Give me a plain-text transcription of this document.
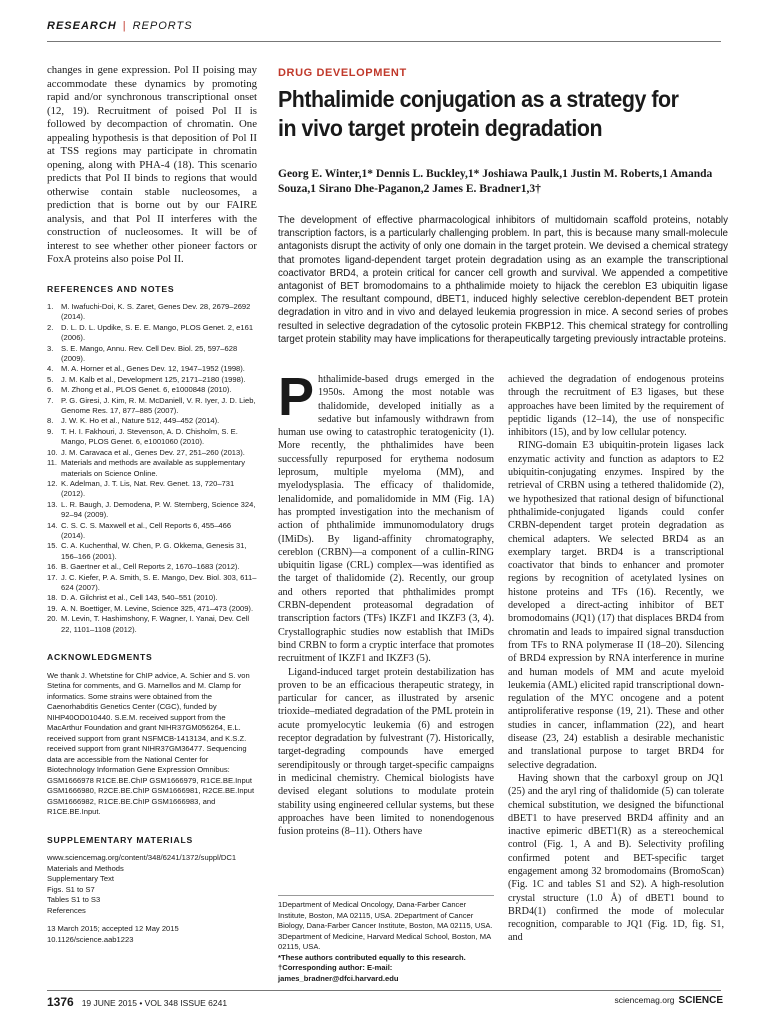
RESEARCH | REPORTS

changes in gene expression. Pol II poising may accommodate these dynamics by promoting rapid and/or synchronous transcriptional onset (12, 19). Recruitment of poised Pol II is followed by decompaction of chromatin. One appealing hypothesis is that deposition of Pol II at TSS regions may participate in chromatin opening, along with PHA-4 (18). This scenario predicts that Pol II binds to regions that would otherwise contain stable nucleosomes, a prediction that is borne out by our FAIRE analysis, and that Pol II interferes with the construction of nucleosomes. It will be of interest to see whether other pioneer factors or FoxA proteins also poise Pol II.

REFERENCES AND NOTES
1.	M. Iwafuchi-Doi, K. S. Zaret, Genes Dev. 28, 2679–2692 (2014).
2.	D. L. D. L. Updike, S. E. E. Mango, PLOS Genet. 2, e161 (2006).
3.	S. E. Mango, Annu. Rev. Cell Dev. Biol. 25, 597–628 (2009).
4.	M. A. Horner et al., Genes Dev. 12, 1947–1952 (1998).
5.	J. M. Kalb et al., Development 125, 2171–2180 (1998).
6.	M. Zhong et al., PLOS Genet. 6, e1000848 (2010).
7.	P. G. Giresi, J. Kim, R. M. McDaniell, V. R. Iyer, J. D. Lieb, Genome Res. 17, 877–885 (2007).
8.	J. W. K. Ho et al., Nature 512, 449–452 (2014).
9.	T. H. I. Fakhouri, J. Stevenson, A. D. Chisholm, S. E. Mango, PLOS Genet. 6, e1001060 (2010).
10. J. M. Caravaca et al., Genes Dev. 27, 251–260 (2013).
11. Materials and methods are available as supplementary materials on Science Online.
12. K. Adelman, J. T. Lis, Nat. Rev. Genet. 13, 720–731 (2012).
13. L. R. Baugh, J. Demodena, P. W. Sternberg, Science 324, 92–94 (2009).
14. C. S. C. S. Maxwell et al., Cell Reports 6, 455–466 (2014).
15. C. A. Kuchenthal, W. Chen, P. G. Okkema, Genesis 31, 156–166 (2001).
16. B. Gaertner et al., Cell Reports 2, 1670–1683 (2012).
17. J. C. Kiefer, P. A. Smith, S. E. Mango, Dev. Biol. 303, 611–624 (2007).
18. D. A. Gilchrist et al., Cell 143, 540–551 (2010).
19. A. N. Boettiger, M. Levine, Science 325, 471–473 (2009).
20. M. Levin, T. Hashimshony, F. Wagner, I. Yanai, Dev. Cell 22, 1101–1108 (2012).
ACKNOWLEDGMENTS
We thank J. Whetstine for ChIP advice, A. Schier and S. von Stetina for comments, and G. Marnellos and M. Clamp for informatics. Some strains were obtained from the Caenorhabditis Genetics Center (CGC), funded by NIHP40OD010440. S.E.M. received support from the MacArthur Foundation and grant NIHR37GM056264, E.L. received support from grant NSFMCB-1413134, and K.S.Z. received support from grant NIHR37GM36477. Sequencing data are accessible from the National Center for Biotechnology Information Gene Expression Omnibus: GSM1666978 R1CE.BE.ChIP GSM1666979, R1CE.BE.Input GSM1666980, R2CE.BE.ChIP GSM1666981, R2CE.BE.Input GSM1666982, R1CE.BE.ChIP GSM1666983, and R1CE.BE.Input.
SUPPLEMENTARY MATERIALS
www.sciencemag.org/content/348/6241/1372/suppl/DC1
Materials and Methods
Supplementary Text
Figs. S1 to S7
Tables S1 to S3
References
13 March 2015; accepted 12 May 2015
10.1126/science.aab1223
DRUG DEVELOPMENT
Phthalimide conjugation as a strategy for in vivo target protein degradation
Georg E. Winter,1* Dennis L. Buckley,1* Joshiawa Paulk,1 Justin M. Roberts,1 Amanda Souza,1 Sirano Dhe-Paganon,2 James E. Bradner1,3†
The development of effective pharmacological inhibitors of multidomain scaffold proteins, notably transcription factors, is a particularly challenging problem. In part, this is because many small-molecule antagonists disrupt the activity of only one domain in the target protein. We devised a chemical strategy that promotes ligand-dependent target protein degradation using as an example the transcriptional coactivator BRD4, a protein critical for cancer cell growth and survival. We appended a competitive antagonist of BET bromodomains to a phthalimide moiety to hijack the cereblon E3 ubiquitin ligase complex. The resultant compound, dBET1, induced highly selective cereblon-dependent BET protein degradation in vitro and in vivo and delayed leukemia progression in mice. A second series of probes resulted in selective degradation of the cytosolic protein FKBP12. This chemical strategy for controlling target protein stability may have implications for therapeutically targeting previously intractable proteins.

Phthalimide-based drugs emerged in the 1950s. Among the most notable was thalidomide, developed initially as a sedative but infamously withdrawn from human use owing to catastrophic teratogenicity (1). More recently, the phthalimides have been successfully repurposed for erythema nodosum leprosum, multiple myeloma (MM), and myelodysplasia. The efficacy of thalidomide, lenalidomide, and pomalidomide in MM (Fig. 1A) has prompted investigation into the mechanism of action of phthalimide immunomodulatory drugs (IMiDs). By ligand-affinity chromatography, cereblon (CRBN)—a component of a cullin-RING ubiquitin ligase (CRL) complex—was identified as the target of thalidomide (2). Recently, our group and others reported that phthalimides prompt CRBN-dependent proteasomal degradation of transcription factors (TFs) IKZF1 and IKZF3 (3, 4). Crystallographic studies now establish that IMiDs bind CRBN to form a cryptic interface that promotes recruitment of IKZF1 and IKZF3 (5).

Ligand-induced target protein destabilization has proven to be an efficacious therapeutic strategy, in particular for cancer, as illustrated by arsenic trioxide–mediated degradation of the PML protein in acute promyelocytic leukemia (6) and estrogen receptor degradation by fulvestrant (7). Historically, target-degrading compounds have emerged serendipitously or through target-specific campaigns in medicinal chemistry. Chemical biologists have devised elegant solutions to modulate protein stability using engineered cellular systems, but these approaches have been limited to nonendogenous fusion proteins (8–11). Others have

1Department of Medical Oncology, Dana-Farber Cancer Institute, Boston, MA 02115, USA. 2Department of Cancer Biology, Dana-Farber Cancer Institute, Boston, MA 02115, USA. 3Department of Medicine, Harvard Medical School, Boston, MA 02115, USA.
*These authors contributed equally to this research. †Corresponding author: E-mail: james_bradner@dfci.harvard.edu

achieved the degradation of endogenous proteins through the recruitment of E3 ligases, but these approaches have been limited by the requirement of peptidic ligands (12–14), the use of nonspecific inhibitors (15), and by low cellular potency.

RING-domain E3 ubiquitin-protein ligases lack enzymatic activity and function as adaptors to E2 ubiquitin-conjugating enzymes. Inspired by the retrieval of CRBN using a tethered thalidomide (2), we hypothesized that rational design of bifunctional phthalimide-conjugated ligands could confer CRBN-dependent target protein degradation as chemical adapters. We selected BRD4 as an exemplary target. BRD4 is a transcriptional coactivator that binds to enhancer and promoter regions by recognition of acetylated lysines on histone proteins and TFs (16). Recently, we developed a direct-acting inhibitor of BET bromodomains (JQ1) (17) that displaces BRD4 from chromatin and leads to impaired signal transduction from TFs to RNA polymerase II (18–20). Silencing of BRD4 expression by RNA interference in murine and human models of MM and acute myeloid leukemia (AML) elicited rapid transcriptional down-regulation of the MYC oncogene and a potent antiproliferative response (19, 21). These and other studies in cancer, inflammation (22), and heart disease (23, 24) establish a desirable mechanistic and translational purpose to target BRD4 for selective degradation.

Having shown that the carboxyl group on JQ1 (25) and the aryl ring of thalidomide (5) can tolerate chemical substitution, we designed the bifunctional dBET1 to have preserved BRD4 affinity and an inactive epimeric dBET1(R) as a stereochemical control (Fig. 1, A and B). Selectivity profiling confirmed potent and BET-specific target engagement among 32 bromodomains (BromoScan) (Fig. 1C and tables S1 and S2). A high-resolution crystal structure (1.0 Å) of dBET1 bound to BRD4(1) confirmed the mode of molecular recognition, comparable to JQ1 (Fig. 1D, fig. S1, and

1376 19 JUNE 2015 • VOL 348 ISSUE 6241	sciencemag.org SCIENCE
